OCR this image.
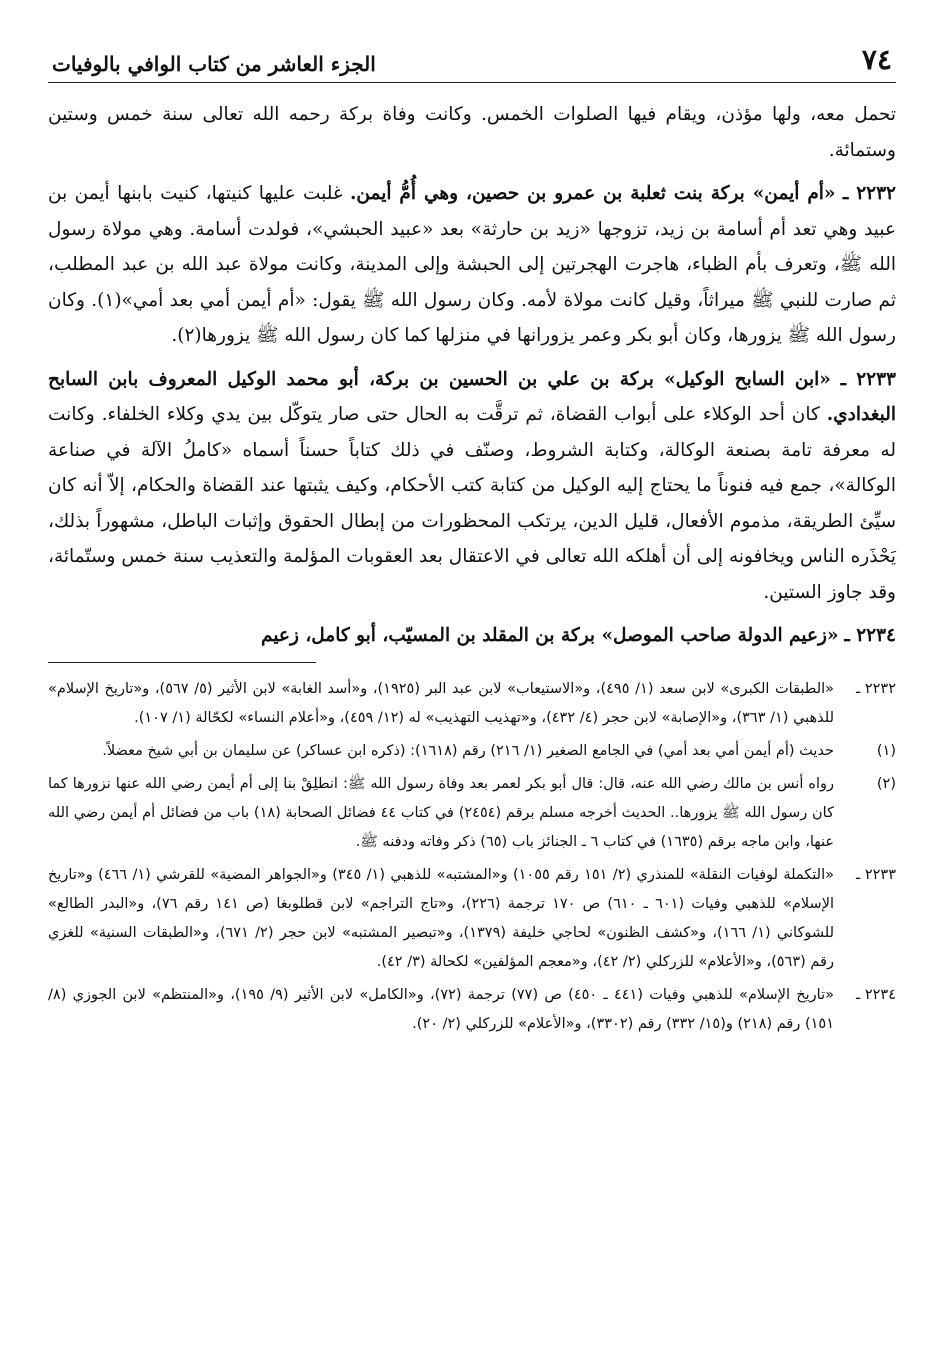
٧٤
الجزء العاشر من كتاب الوافي بالوفيات

تحمل معه، ولها مؤذن، ويقام فيها الصلوات الخمس. وكانت وفاة بركة رحمه الله تعالى سنة خمس وستين وستمائة.

٢٢٣٢ ـ «أم أيمن» بركة بنت ثعلبة بن عمرو بن حصين، وهي أُمُّ أيمن. غلبت عليها كنيتها، كنيت بابنها أيمن بن عبيد وهي تعد أم أسامة بن زيد، تزوجها «زيد بن حارثة» بعد «عبيد الحبشي»، فولدت أسامة. وهي مولاة رسول الله ﷺ، وتعرف بأم الظباء، هاجرت الهجرتين إلى الحبشة وإلى المدينة، وكانت مولاة عبد الله بن عبد المطلب، ثم صارت للنبي ﷺ ميراثاً، وقيل كانت مولاة لأمه. وكان رسول الله ﷺ يقول: «أم أيمن أمي بعد أمي»(١). وكان رسول الله ﷺ يزورها، وكان أبو بكر وعمر يزورانها في منزلها كما كان رسول الله ﷺ يزورها(٢).

٢٢٣٣ ـ «ابن السابح الوكيل» بركة بن علي بن الحسين بن بركة، أبو محمد الوكيل المعروف بابن السابح البغدادي. كان أحد الوكلاء على أبواب القضاة، ثم ترقَّت به الحال حتى صار يتوكّل بين يدي وكلاء الخلفاء. وكانت له معرفة تامة بصنعة الوكالة، وكتابة الشروط، وصنّف في ذلك كتاباً حسناً أسماه «كاملُ الآلة في صناعة الوكالة»، جمع فيه فنوناً ما يحتاج إليه الوكيل من كتابة كتب الأحكام، وكيف يثبتها عند القضاة والحكام، إلاّ أنه كان سيِّئ الطريقة، مذموم الأفعال، قليل الدين، يرتكب المحظورات من إبطال الحقوق وإثبات الباطل، مشهوراً بذلك، يَحْذَره الناس ويخافونه إلى أن أهلكه الله تعالى في الاعتقال بعد العقوبات المؤلمة والتعذيب سنة خمس وستّمائة، وقد جاوز الستين.

٢٢٣٤ ـ «زعيم الدولة صاحب الموصل» بركة بن المقلد بن المسيّب، أبو كامل، زعيم

٢٢٣٢ ـ
«الطبقات الكبرى» لابن سعد (١/ ٤٩٥)، و«الاستيعاب» لابن عبد البر (١٩٢٥)، و«أسد الغابة» لابن الأثير (٥/ ٥٦٧)، و«تاريخ الإسلام» للذهبي (١/ ٣٦٣)، و«الإصابة» لابن حجر (٤/ ٤٣٢)، و«تهذيب التهذيب» له (١٢/ ٤٥٩)، و«أعلام النساء» لكحّالة (١/ ١٠٧).
(١)
حديث (أم أيمن أمي بعد أمي) في الجامع الصغير (١/ ٢١٦) رقم (١٦١٨): (ذكره ابن عساكر) عن سليمان بن أبي شيخ معضلاً.
(٢)
رواه أنس بن مالك رضي الله عنه، قال: قال أبو بكر لعمر بعد وفاة رسول الله ﷺ: انطلِقْ بنا إلى أم أيمن رضي الله عنها نزورها كما كان رسول الله ﷺ يزورها.. الحديث أخرجه مسلم برقم (٢٤٥٤) في كتاب ٤٤ فضائل الصحابة (١٨) باب من فضائل أم أيمن رضي الله عنها، وابن ماجه برقم (١٦٣٥) في كتاب ٦ ـ الجنائز باب (٦٥) ذكر وفاته ودفنه ﷺ.
٢٢٣٣ ـ
«التكملة لوفيات النقلة» للمنذري (٢/ ١٥١ رقم ١٠٥٥) و«المشتبه» للذهبي (١/ ٣٤٥) و«الجواهر المضية» للقرشي (١/ ٤٦٦) و«تاريخ الإسلام» للذهبي وفيات (٦٠١ ـ ٦١٠) ص ١٧٠ ترجمة (٢٢٦)، و«تاج التراجم» لابن قطلوبغا (ص ١٤١ رقم ٧٦)، و«البدر الطالع» للشوكاني (١/ ١٦٦)، و«كشف الظنون» لحاجي خليفة (١٣٧٩)، و«تبصير المشتبه» لابن حجر (٢/ ٦٧١)، و«الطبقات السنية» للغزي رقم (٥٦٣)، و«الأعلام» للزركلي (٢/ ٤٢)، و«معجم المؤلفين» لكحالة (٣/ ٤٢).
٢٢٣٤ ـ
«تاريخ الإسلام» للذهبي وفيات (٤٤١ ـ ٤٥٠) ص (٧٧) ترجمة (٧٢)، و«الكامل» لابن الأثير (٩/ ١٩٥)، و«المنتظم» لابن الجوزي (٨/ ١٥١) رقم (٢١٨) و(١٥/ ٣٣٢) رقم (٣٣٠٢)، و«الأعلام» للزركلي (٢/ ٢٠).
